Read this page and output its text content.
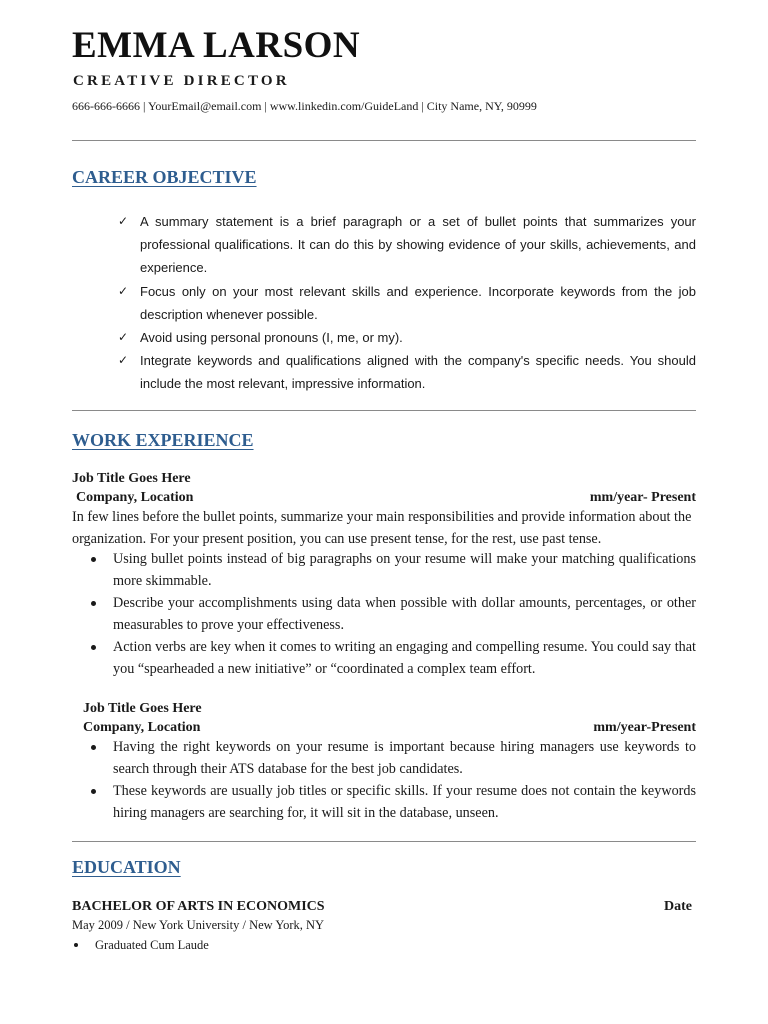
EMMA LARSON
CREATIVE DIRECTOR
666-666-6666 | YourEmail@email.com | www.linkedin.com/GuideLand | City Name, NY, 90999
CAREER OBJECTIVE
✓ A summary statement is a brief paragraph or a set of bullet points that summarizes your professional qualifications. It can do this by showing evidence of your skills, achievements, and experience.
✓ Focus only on your most relevant skills and experience. Incorporate keywords from the job description whenever possible.
✓ Avoid using personal pronouns (I, me, or my).
✓ Integrate keywords and qualifications aligned with the company's specific needs. You should include the most relevant, impressive information.
WORK EXPERIENCE
Job Title Goes Here
Company, Location	mm/year- Present
In few lines before the bullet points, summarize your main responsibilities and provide information about the organization. For your present position, you can use present tense, for the rest, use past tense.
Using bullet points instead of big paragraphs on your resume will make your matching qualifications more skimmable.
Describe your accomplishments using data when possible with dollar amounts, percentages, or other measurables to prove your effectiveness.
Action verbs are key when it comes to writing an engaging and compelling resume. You could say that you “spearheaded a new initiative” or “coordinated a complex team effort.
Job Title Goes Here
Company, Location	mm/year-Present
Having the right keywords on your resume is important because hiring managers use keywords to search through their ATS database for the best job candidates.
These keywords are usually job titles or specific skills. If your resume does not contain the keywords hiring managers are searching for, it will sit in the database, unseen.
EDUCATION
BACHELOR OF ARTS IN ECONOMICS	Date
May 2009 / New York University / New York, NY
Graduated Cum Laude
